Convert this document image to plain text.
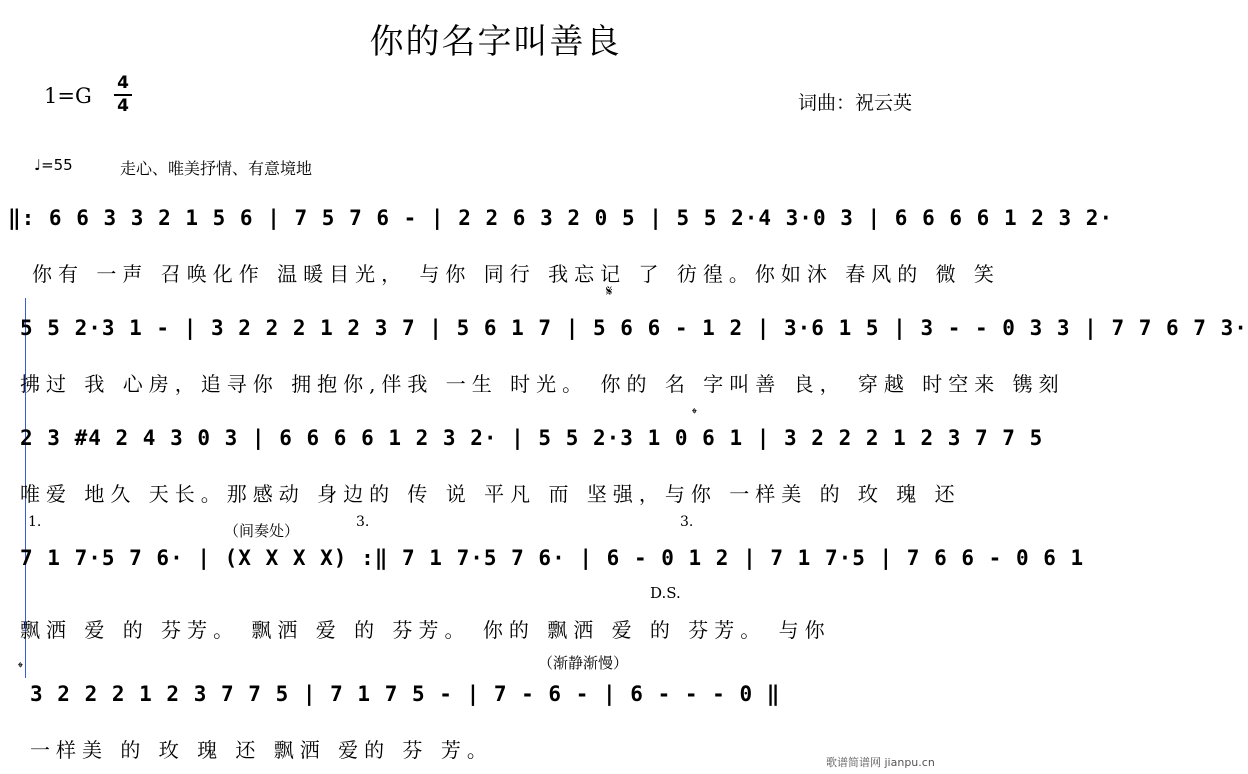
你的名字叫善良
1=G
4
4	词曲：祝云英
♩=55	走心、唯美抒情、有意境地
‖: 6 6 3 3 2 1 5 6 | 7 5 7 6 - | 2 2 6 3 2 0 5 | 5 5 2·4 3·0 3 | 6 6 6 6 1 2 3 2·
你有 一声 召唤化作 温暖目光， 与你 同行 我忘记 了 彷徨。你如沐 春风的 微 笑
𝄋
5 5 2·3 1 - | 3 2 2 2 1 2 3 7 | 5 6 1 7 | 5 6 6 - 1 2 | 3·6 1 5 | 3 - - 0 3 3 | 7 7 6 7 3·
拂过 我 心房，追寻你 拥抱你,伴我 一生 时光。 你的 名 字叫善 良， 穿越 时空来 镌刻
𝄌
2 3 #4 2 4 3 0 3 | 6 6 6 6 1 2 3 2· | 5 5 2·3 1 0 6 1 | 3 2 2 2 1 2 3 7 7 5
唯爱 地久 天长。那感动 身边的 传 说 平凡 而 坚强，与你 一样美 的 玫 瑰 还
1.	3.	3.
（间奏处）
7 1 7·5 7 6· | (X X X X) :‖ 7 1 7·5 7 6· | 6 - 0 1 2 | 7 1 7·5 | 7 6 6 - 0 6 1
D.S.
飘洒 爱 的 芬芳。 飘洒 爱 的 芬芳。 你的 飘洒 爱 的 芬芳。 与你
（渐静渐慢）
𝄌
3 2 2 2 1 2 3 7 7 5 | 7 1 7 5 - | 7 - 6 - | 6 - - - 0 ‖
一样美 的 玫 瑰 还 飘洒 爱的 芬 芳。
歌谱简谱网 jianpu.cn
